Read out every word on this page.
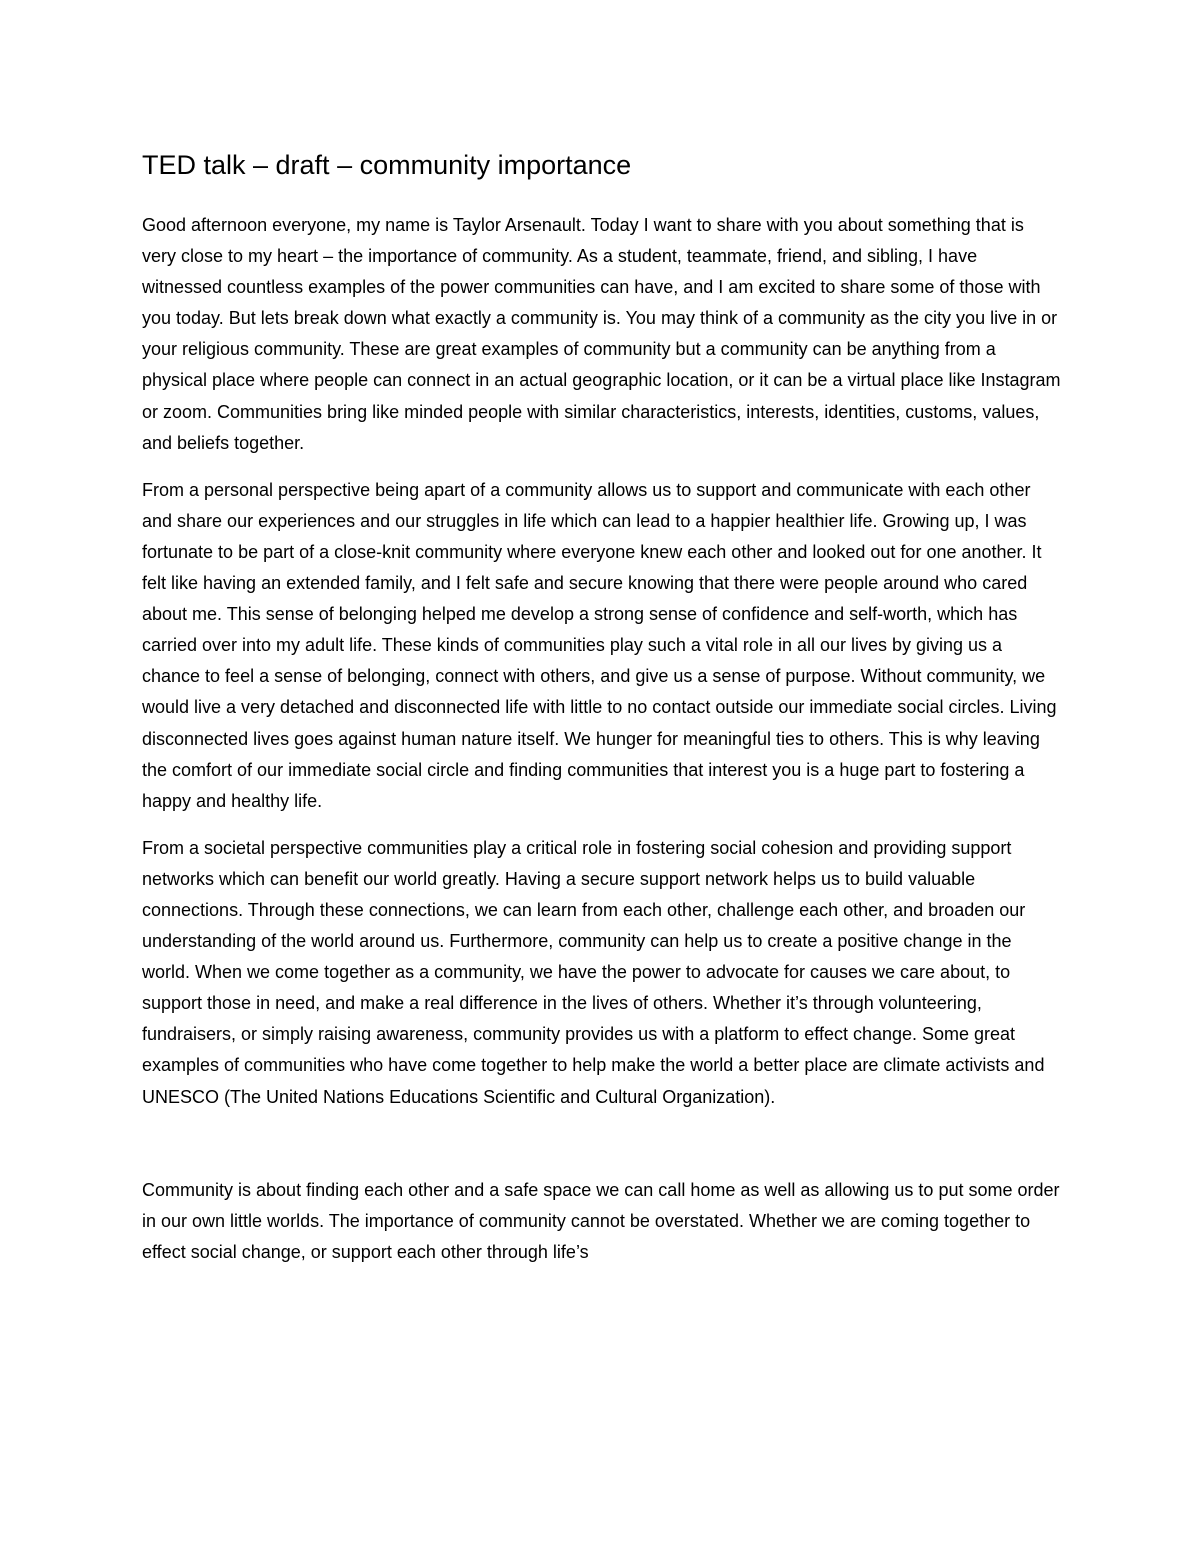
TED talk – draft – community importance

Good afternoon everyone, my name is Taylor Arsenault. Today I want to share with you about something that is very close to my heart – the importance of community. As a student, teammate, friend, and sibling, I have witnessed countless examples of the power communities can have, and I am excited to share some of those with you today. But lets break down what exactly a community is. You may think of a community as the city you live in or your religious community. These are great examples of community but a community can be anything from a physical place where people can connect in an actual geographic location, or it can be a virtual place like Instagram or zoom. Communities bring like minded people with similar characteristics, interests, identities, customs, values, and beliefs together.

From a personal perspective being apart of a community allows us to support and communicate with each other and share our experiences and our struggles in life which can lead to a happier healthier life. Growing up, I was fortunate to be part of a close-knit community where everyone knew each other and looked out for one another. It felt like having an extended family, and I felt safe and secure knowing that there were people around who cared about me. This sense of belonging helped me develop a strong sense of confidence and self-worth, which has carried over into my adult life. These kinds of communities play such a vital role in all our lives by giving us a chance to feel a sense of belonging, connect with others, and give us a sense of purpose. Without community, we would live a very detached and disconnected life with little to no contact outside our immediate social circles. Living disconnected lives goes against human nature itself. We hunger for meaningful ties to others. This is why leaving the comfort of our immediate social circle and finding communities that interest you is a huge part to fostering a happy and healthy life.

From a societal perspective communities play a critical role in fostering social cohesion and providing support networks which can benefit our world greatly. Having a secure support network helps us to build valuable connections. Through these connections, we can learn from each other, challenge each other, and broaden our understanding of the world around us. Furthermore, community can help us to create a positive change in the world. When we come together as a community, we have the power to advocate for causes we care about, to support those in need, and make a real difference in the lives of others. Whether it’s through volunteering, fundraisers, or simply raising awareness, community provides us with a platform to effect change. Some great examples of communities who have come together to help make the world a better place are climate activists and UNESCO (The United Nations Educations Scientific and Cultural Organization).

Community is about finding each other and a safe space we can call home as well as allowing us to put some order in our own little worlds. The importance of community cannot be overstated. Whether we are coming together to effect social change, or support each other through life’s
